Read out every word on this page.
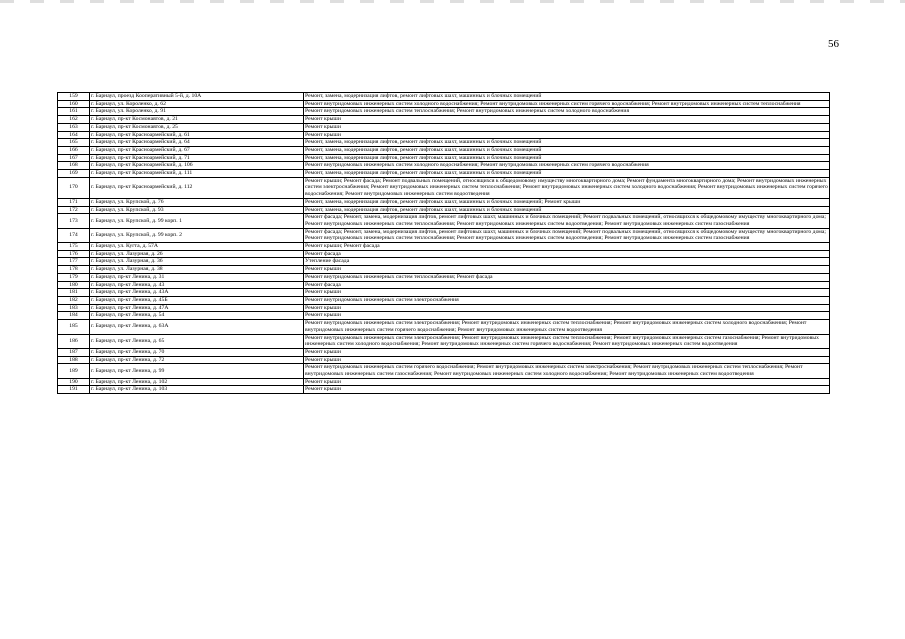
56
159	г. Барнаул, проезд Кооперативный 5-й, д. 10А	Ремонт, замена, модернизация лифтов, ремонт лифтовых шахт, машинных и блочных помещений
160	г. Барнаул, ул. Короленко, д. 62	Ремонт внутридомовых инженерных систем холодного водоснабжения; Ремонт внутридомовых инженерных систем горячего водоснабжения; Ремонт внутридомовых инженерных систем теплоснабжения
161	г. Барнаул, ул. Короленко, д. 91	Ремонт внутридомовых инженерных систем теплоснабжения; Ремонт внутридомовых инженерных систем холодного водоснабжения
162	г. Барнаул, пр-кт Космонавтов, д. 21	Ремонт крыши
163	г. Барнаул, пр-кт Космонавтов, д. 25	Ремонт крыши
164	г. Барнаул, пр-кт Красноармейский, д. 61	Ремонт крыши
165	г. Барнаул, пр-кт Красноармейский, д. 64	Ремонт, замена, модернизация лифтов, ремонт лифтовых шахт, машинных и блочных помещений
166	г. Барнаул, пр-кт Красноармейский, д. 67	Ремонт, замена, модернизация лифтов, ремонт лифтовых шахт, машинных и блочных помещений
167	г. Барнаул, пр-кт Красноармейский, д. 71	Ремонт, замена, модернизация лифтов, ремонт лифтовых шахт, машинных и блочных помещений
168	г. Барнаул, пр-кт Красноармейский, д. 106	Ремонт внутридомовых инженерных систем холодного водоснабжения; Ремонт внутридомовых инженерных систем горячего водоснабжения
169	г. Барнаул, пр-кт Красноармейский, д. 111	Ремонт, замена, модернизация лифтов, ремонт лифтовых шахт, машинных и блочных помещений
170	г. Барнаул, пр-кт Красноармейский, д. 112	Ремонт крыши; Ремонт фасада; Ремонт подвальных помещений, относящихся к общедомовому имуществу многоквартирного дома; Ремонт фундамента многоквартирного дома; Ремонт внутридомовых инженерных систем электроснабжения; Ремонт внутридомовых инженерных систем теплоснабжения; Ремонт внутридомовых инженерных систем холодного водоснабжения; Ремонт внутридомовых инженерных систем горячего водоснабжения; Ремонт внутридомовых инженерных систем водоотведения
171	г. Барнаул, ул. Крупской, д. 76	Ремонт, замена, модернизация лифтов, ремонт лифтовых шахт, машинных и блочных помещений; Ремонт крыши
172	г. Барнаул, ул. Крупской, д. 93	Ремонт, замена, модернизация лифтов, ремонт лифтовых шахт, машинных и блочных помещений
173	г. Барнаул, ул. Крупской, д. 99 корп. 1	Ремонт фасада; Ремонт, замена, модернизация лифтов, ремонт лифтовых шахт, машинных и блочных помещений; Ремонт подвальных помещений, относящихся к общедомовому имуществу многоквартирного дома; Ремонт внутридомовых инженерных систем теплоснабжения; Ремонт внутридомовых инженерных систем водоотведения; Ремонт внутридомовых инженерных систем газоснабжения
174	г. Барнаул, ул. Крупской, д. 99 корп. 2	Ремонт фасада; Ремонт, замена, модернизация лифтов, ремонт лифтовых шахт, машинных и блочных помещений; Ремонт подвальных помещений, относящихся к общедомовому имуществу многоквартирного дома; Ремонт внутридомовых инженерных систем теплоснабжения; Ремонт внутридомовых инженерных систем водоотведения; Ремонт внутридомовых инженерных систем газоснабжения
175	г. Барнаул, ул. Кугта, д. 57А	Ремонт крыши; Ремонт фасада
176	г. Барнаул, ул. Лазурная, д. 26	Ремонт фасада
177	г. Барнаул, ул. Лазурная, д. 36	Утепление фасада
178	г. Барнаул, ул. Лазурная, д. 38	Ремонт крыши
179	г. Барнаул, пр-кт Ленина, д. 31	Ремонт внутридомовых инженерных систем теплоснабжения; Ремонт фасада
180	г. Барнаул, пр-кт Ленина, д. 43	Ремонт фасада
181	г. Барнаул, пр-кт Ленина, д. 43А	Ремонт крыши
182	г. Барнаул, пр-кт Ленина, д. 45Б	Ремонт внутридомовых инженерных систем электроснабжения
183	г. Барнаул, пр-кт Ленина, д. 47А	Ремонт крыши
184	г. Барнаул, пр-кт Ленина, д. 54	Ремонт крыши
185	г. Барнаул, пр-кт Ленина, д. 63А	Ремонт внутридомовых инженерных систем электроснабжения; Ремонт внутридомовых инженерных систем теплоснабжения; Ремонт внутридомовых инженерных систем холодного водоснабжения; Ремонт внутридомовых инженерных систем горячего водоснабжения; Ремонт внутридомовых инженерных систем водоотведения
186	г. Барнаул, пр-кт Ленина, д. 65	Ремонт внутридомовых инженерных систем электроснабжения; Ремонт внутридомовых инженерных систем теплоснабжения; Ремонт внутридомовых инженерных систем газоснабжения; Ремонт внутридомовых инженерных систем холодного водоснабжения; Ремонт внутридомовых инженерных систем горячего водоснабжения; Ремонт внутридомовых инженерных систем водоотведения
187	г. Барнаул, пр-кт Ленина, д. 70	Ремонт крыши
188	г. Барнаул, пр-кт Ленина, д. 72	Ремонт крыши
189	г. Барнаул, пр-кт Ленина, д. 99	Ремонт внутридомовых инженерных систем горячего водоснабжения; Ремонт внутридомовых инженерных систем электроснабжения; Ремонт внутридомовых инженерных систем теплоснабжения; Ремонт внутридомовых инженерных систем газоснабжения; Ремонт внутридомовых инженерных систем холодного водоснабжения; Ремонт внутридомовых инженерных систем водоотведения
190	г. Барнаул, пр-кт Ленина, д. 102	Ремонт крыши
191	г. Барнаул, пр-кт Ленина, д. 103	Ремонт крыши
